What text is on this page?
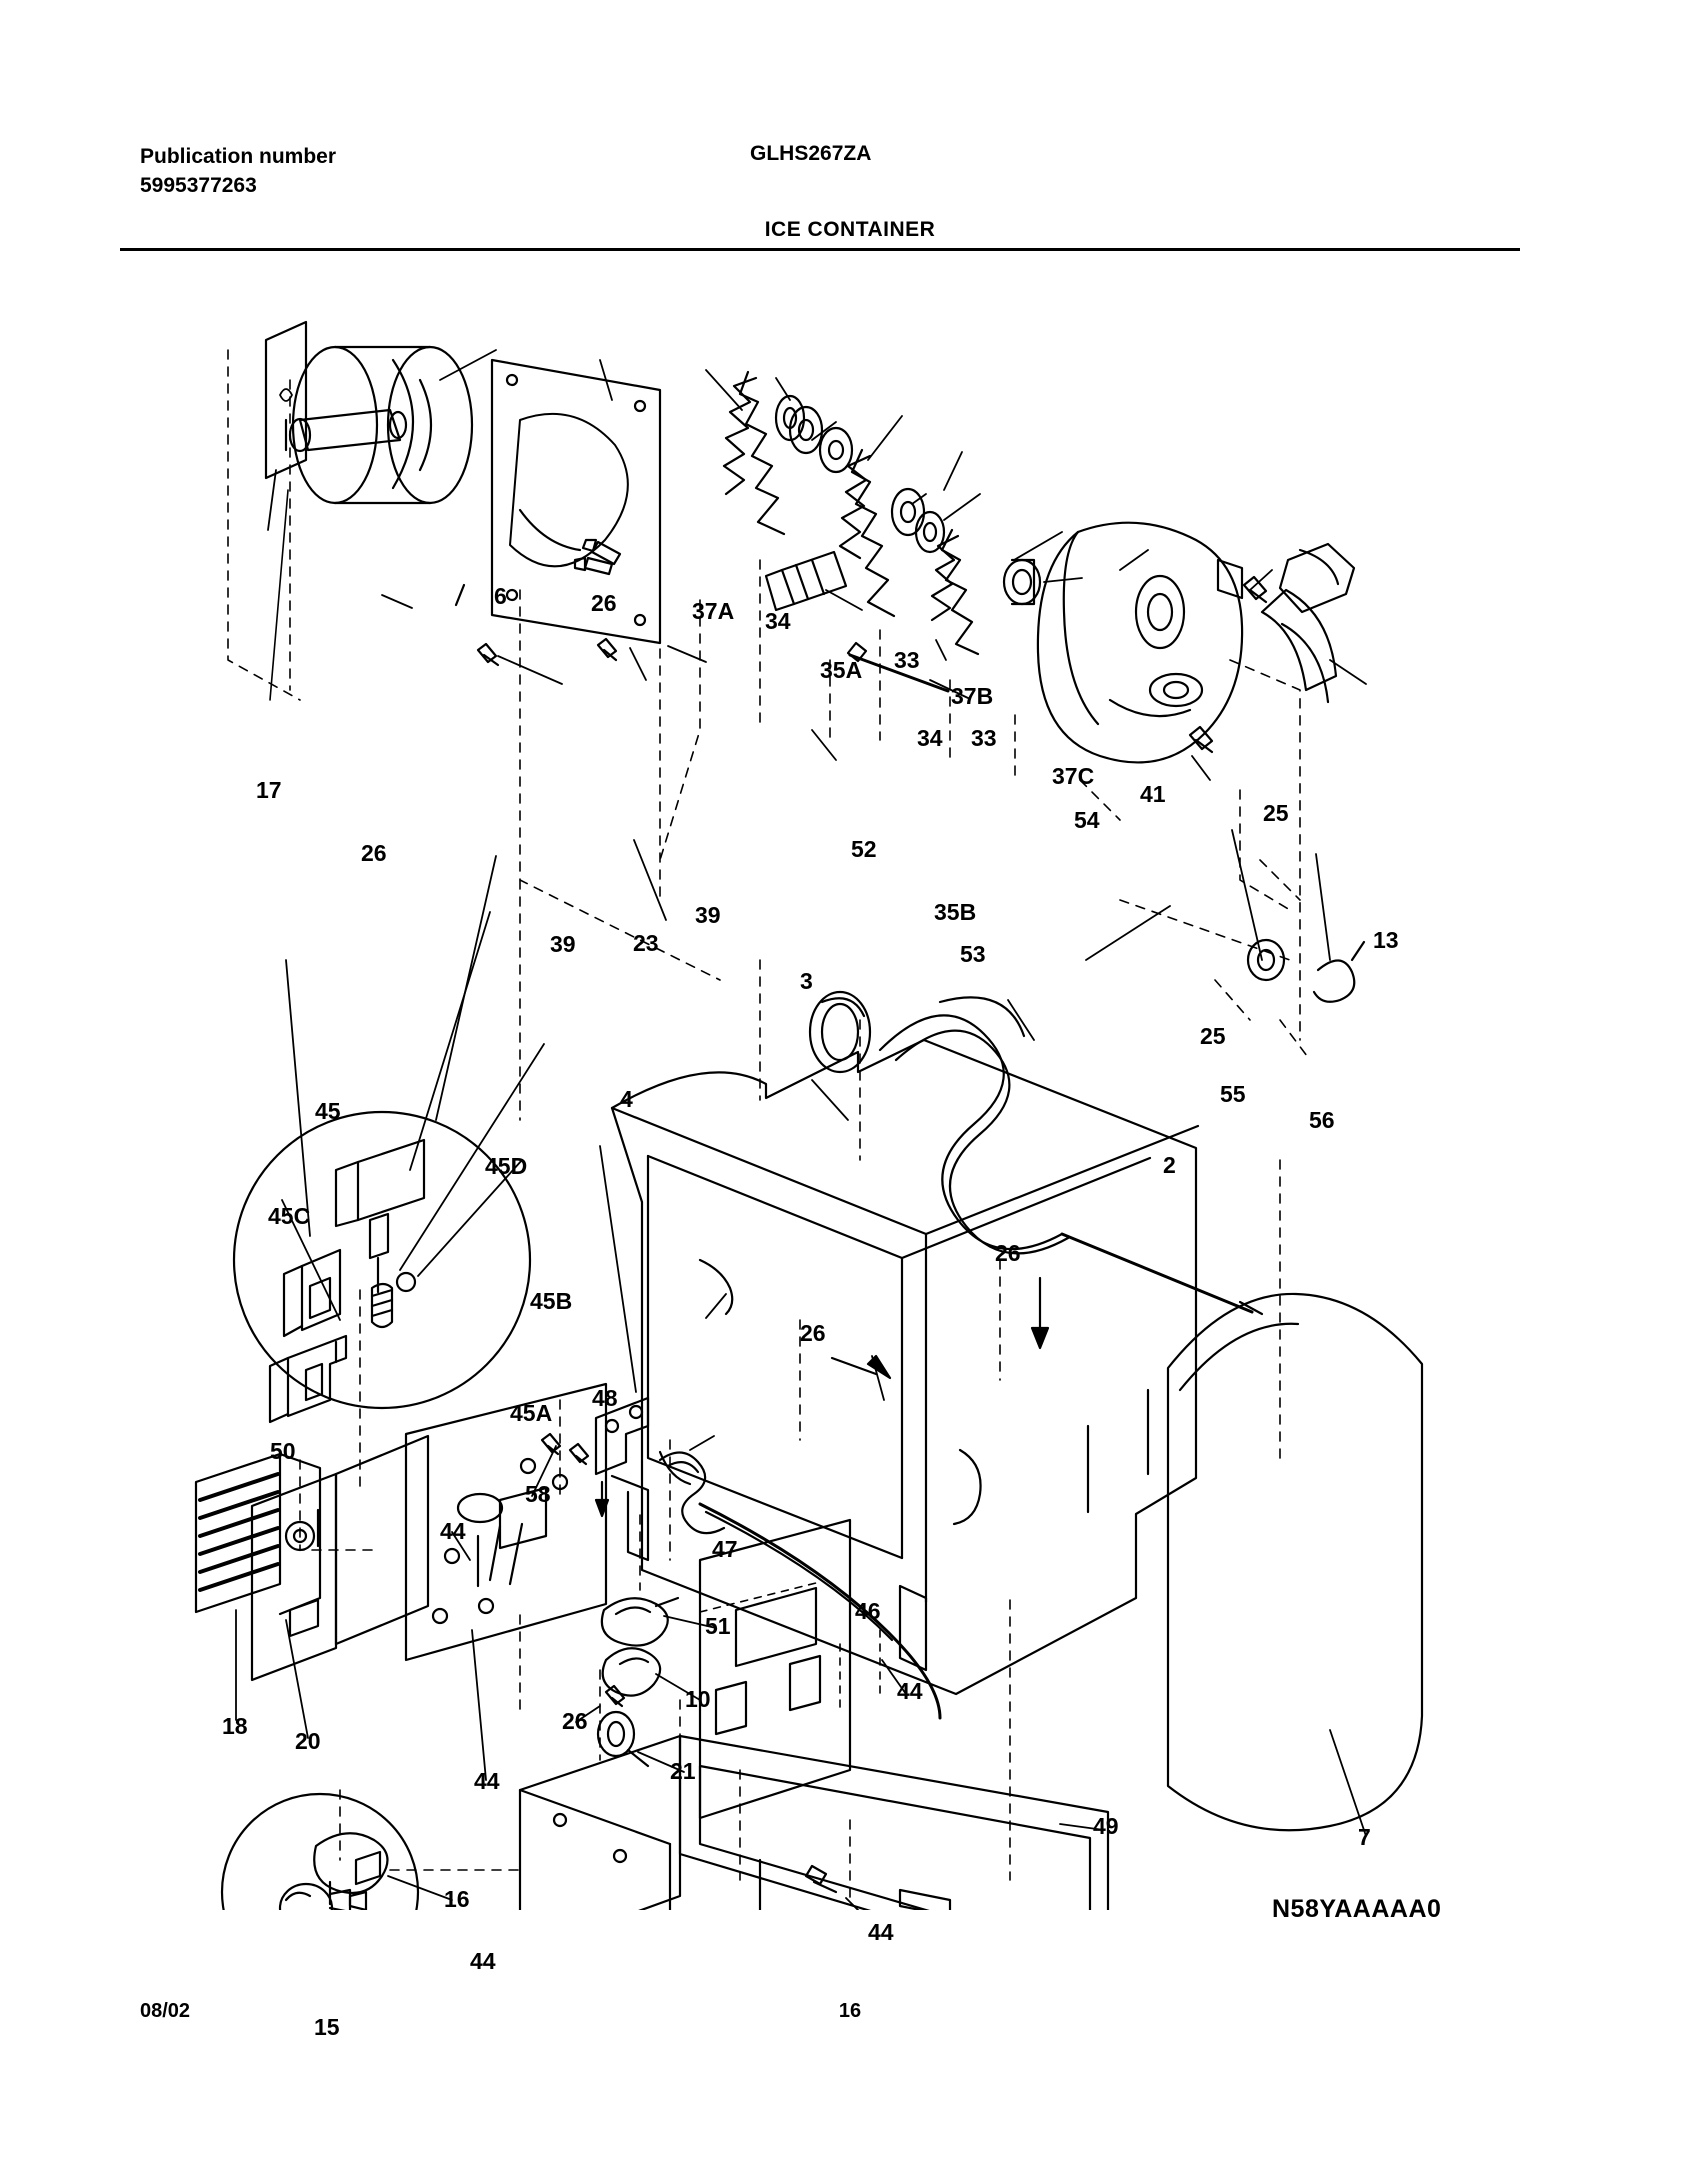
Publication number
5995377263
GLHS267ZA
ICE CONTAINER
6	26	37A 34
35A 33
37B
34 33
37C
17	41
25
54
52
26
35B
39
13
23
39	53
3
25
55
56
4
45
2
45D
45C
26
45B
26
45A
48
50
47
58
44
51
46
10	44
26
18
20
21
44
7
49
16
44
44
15
N58YAAAAA0
08/02	16
